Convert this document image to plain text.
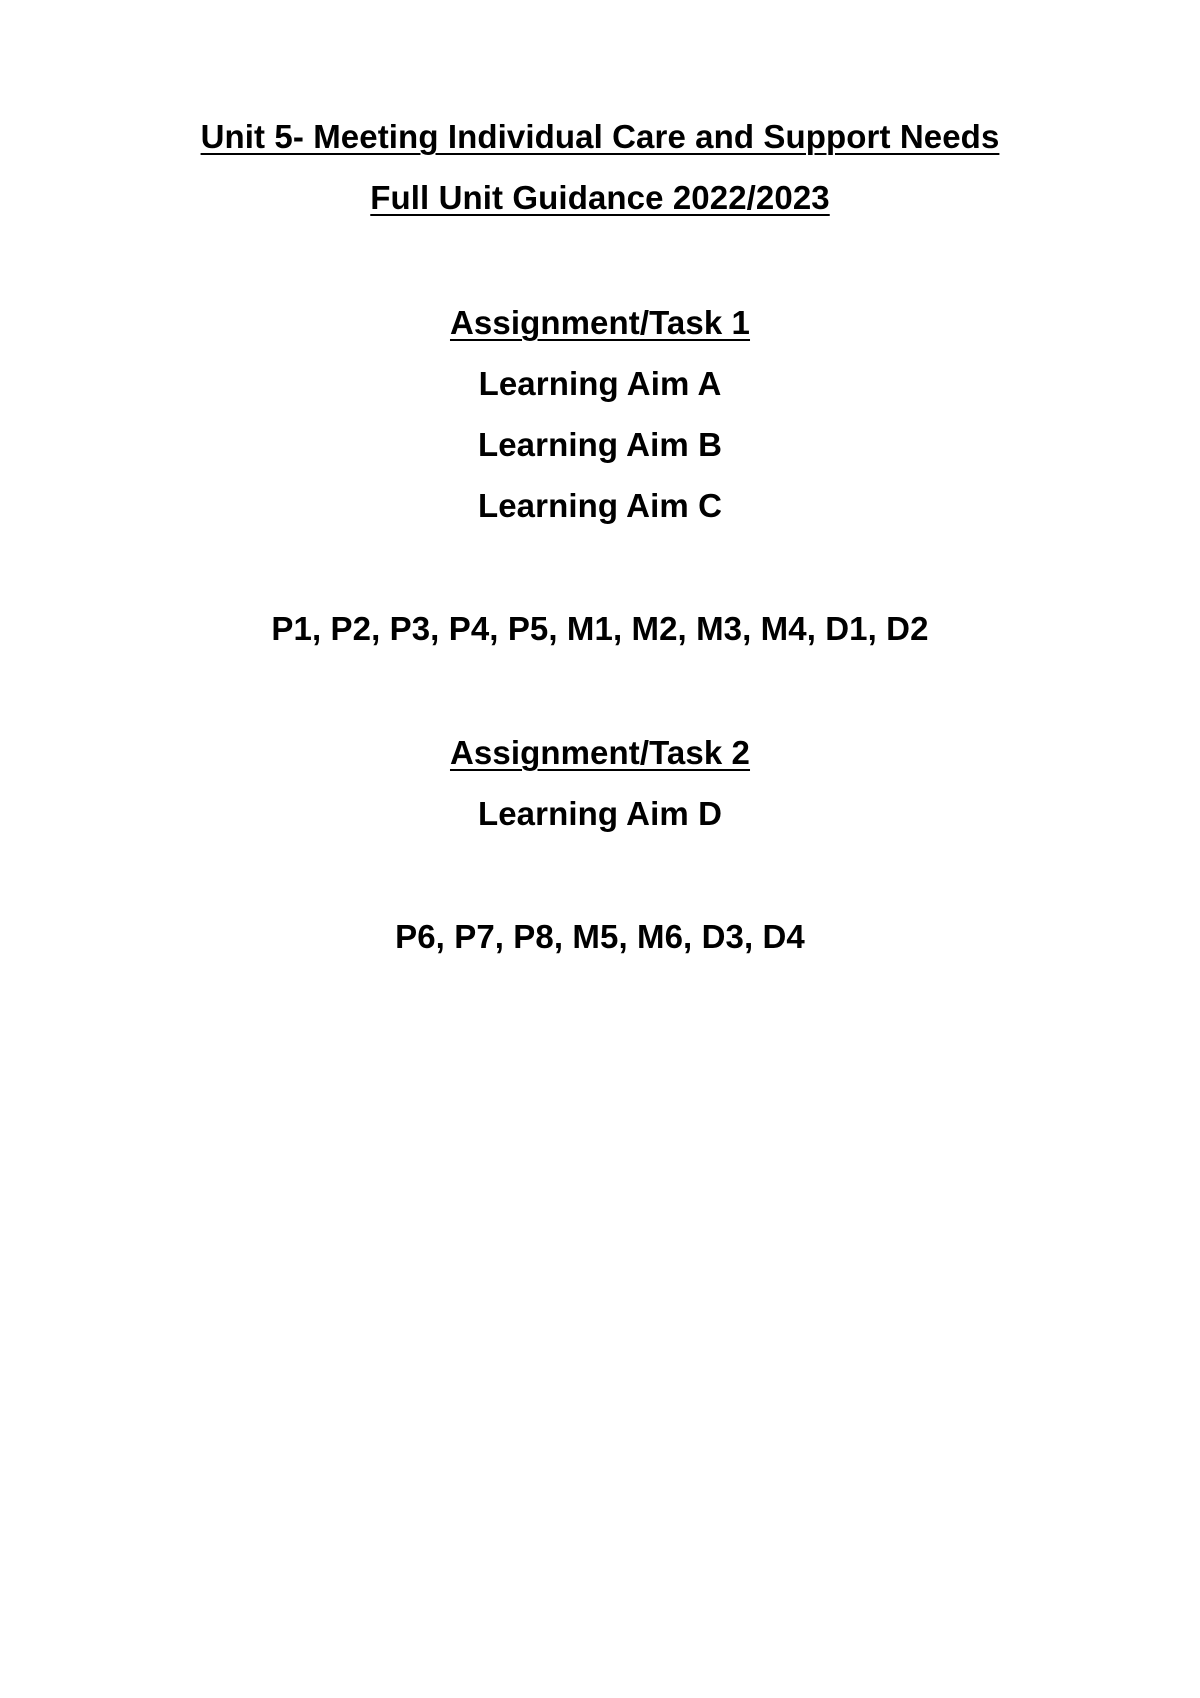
Unit 5- Meeting Individual Care and Support Needs
Full Unit Guidance 2022/2023
Assignment/Task 1
Learning Aim A
Learning Aim B
Learning Aim C
P1, P2, P3, P4, P5, M1, M2, M3, M4, D1, D2
Assignment/Task 2
Learning Aim D
P6, P7, P8, M5, M6, D3, D4
